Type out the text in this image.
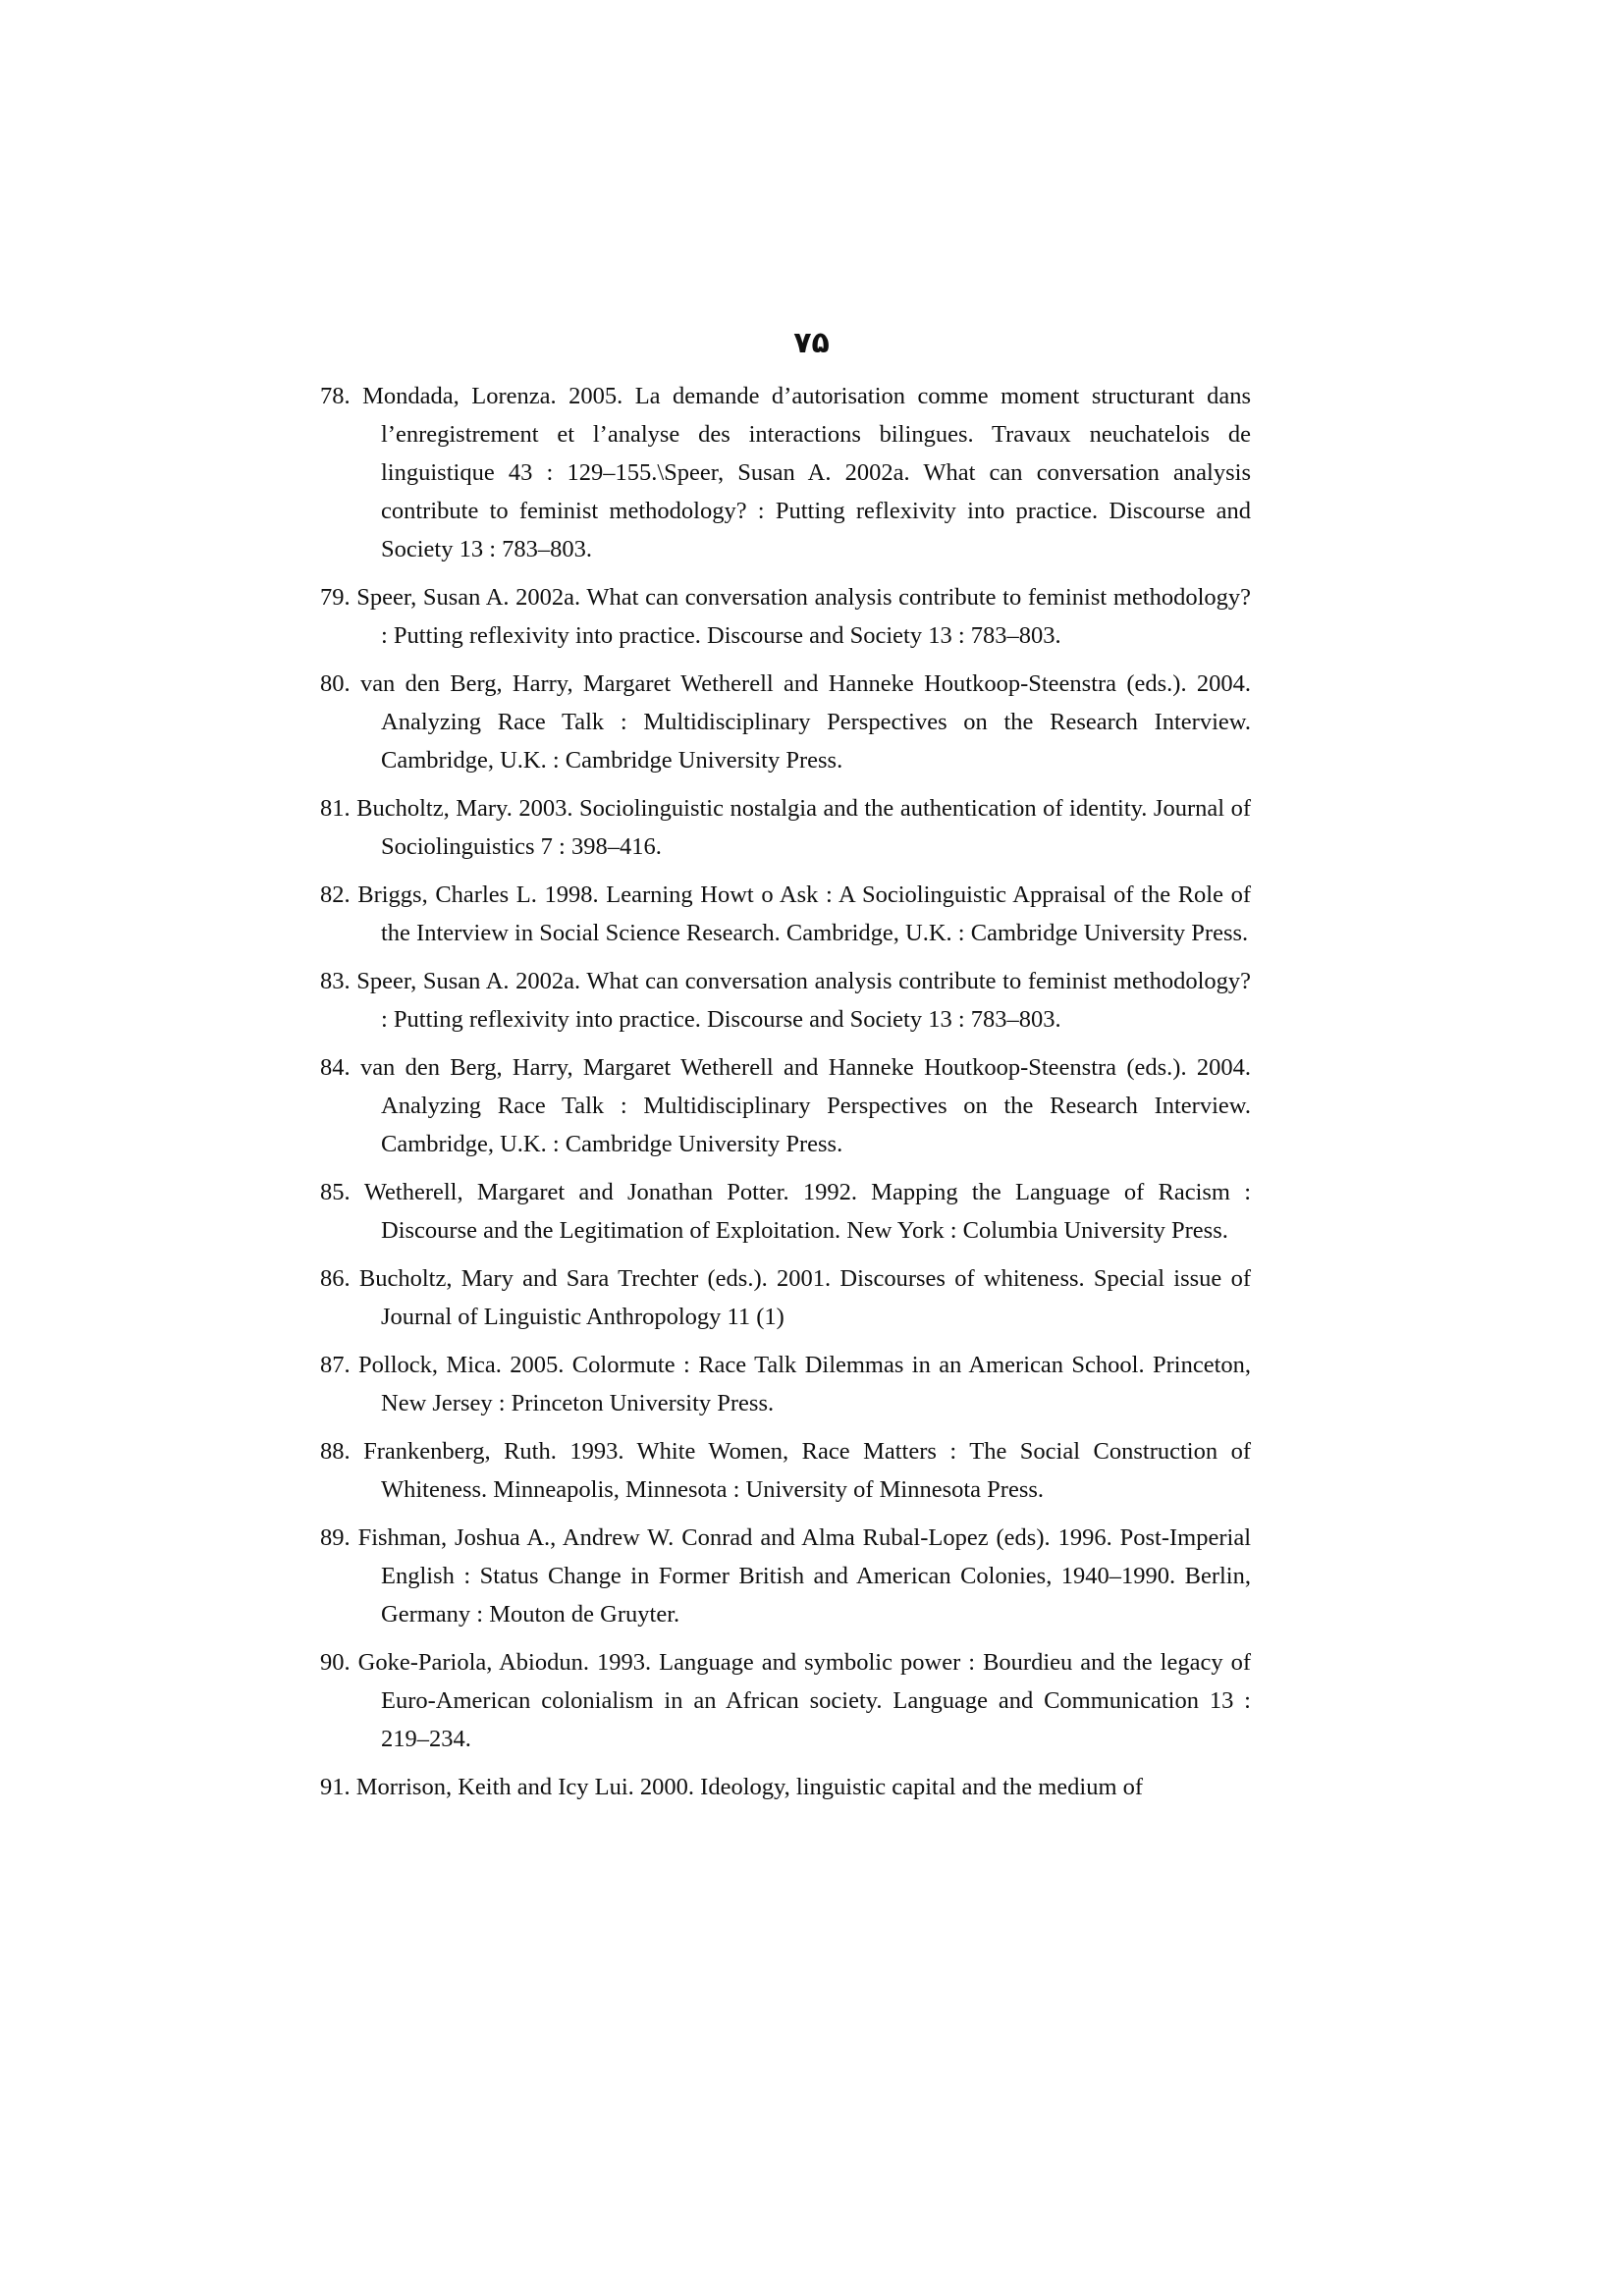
۷۵
78. Mondada, Lorenza. 2005. La demande d’autorisation comme moment structurant dans l’enregistrement et l’analyse des interactions bilingues. Travaux neuchatelois de linguistique 43 : 129–155.\Speer, Susan A. 2002a. What can conversation analysis contribute to feminist methodology? : Putting reflexivity into practice. Discourse and Society 13 : 783–803.
79. Speer, Susan A. 2002a. What can conversation analysis contribute to feminist methodology? : Putting reflexivity into practice. Discourse and Society 13 : 783–803.
80. van den Berg, Harry, Margaret Wetherell and Hanneke Houtkoop-Steenstra (eds.). 2004. Analyzing Race Talk : Multidisciplinary Perspectives on the Research Interview. Cambridge, U.K. : Cambridge University Press.
81. Bucholtz, Mary. 2003. Sociolinguistic nostalgia and the authentication of identity. Journal of Sociolinguistics 7 : 398–416.
82. Briggs, Charles L. 1998. Learning Howt o Ask : A Sociolinguistic Appraisal of the Role of the Interview in Social Science Research. Cambridge, U.K. : Cambridge University Press.
83. Speer, Susan A. 2002a. What can conversation analysis contribute to feminist methodology? : Putting reflexivity into practice. Discourse and Society 13 : 783–803.
84. van den Berg, Harry, Margaret Wetherell and Hanneke Houtkoop-Steenstra (eds.). 2004. Analyzing Race Talk : Multidisciplinary Perspectives on the Research Interview. Cambridge, U.K. : Cambridge University Press.
85. Wetherell, Margaret and Jonathan Potter. 1992. Mapping the Language of Racism : Discourse and the Legitimation of Exploitation. New York : Columbia University Press.
86. Bucholtz, Mary and Sara Trechter (eds.). 2001. Discourses of whiteness. Special issue of Journal of Linguistic Anthropology 11 (1)
87. Pollock, Mica. 2005. Colormute : Race Talk Dilemmas in an American School. Princeton, New Jersey : Princeton University Press.
88. Frankenberg, Ruth. 1993. White Women, Race Matters : The Social Construction of Whiteness. Minneapolis, Minnesota : University of Minnesota Press.
89. Fishman, Joshua A., Andrew W. Conrad and Alma Rubal-Lopez (eds). 1996. Post-Imperial English : Status Change in Former British and American Colonies, 1940–1990. Berlin, Germany : Mouton de Gruyter.
90. Goke-Pariola, Abiodun. 1993. Language and symbolic power : Bourdieu and the legacy of Euro-American colonialism in an African society. Language and Communication 13 : 219–234.
91. Morrison, Keith and Icy Lui. 2000. Ideology, linguistic capital and the medium of
